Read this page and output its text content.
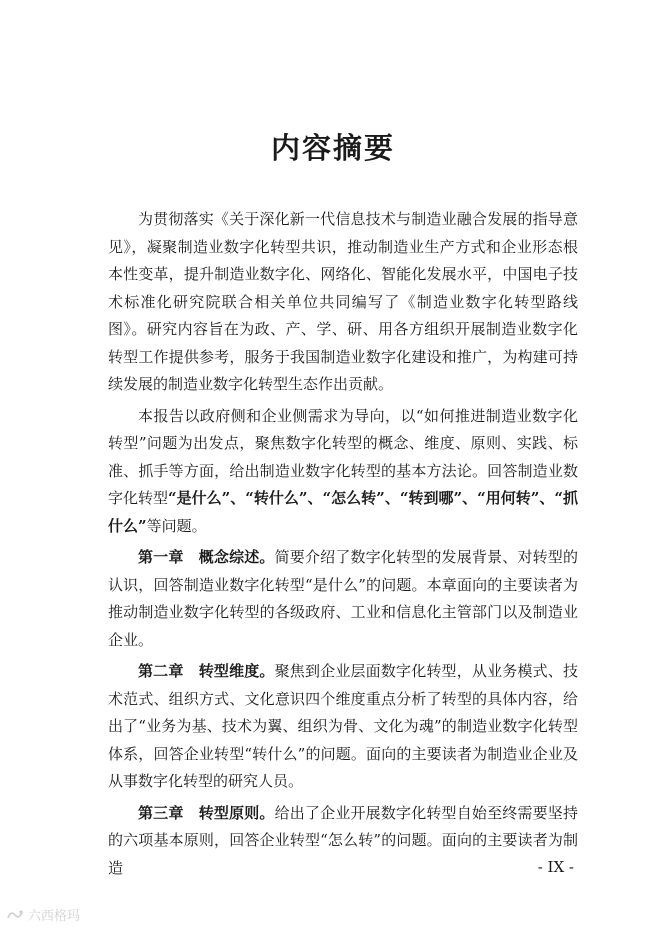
内容摘要

为贯彻落实《关于深化新一代信息技术与制造业融合发展的指导意见》，凝聚制造业数字化转型共识，推动制造业生产方式和企业形态根本性变革，提升制造业数字化、网络化、智能化发展水平，中国电子技术标准化研究院联合相关单位共同编写了《制造业数字化转型路线图》。研究内容旨在为政、产、学、研、用各方组织开展制造业数字化转型工作提供参考，服务于我国制造业数字化建设和推广，为构建可持续发展的制造业数字化转型生态作出贡献。

本报告以政府侧和企业侧需求为导向，以“如何推进制造业数字化转型”问题为出发点，聚焦数字化转型的概念、维度、原则、实践、标准、抓手等方面，给出制造业数字化转型的基本方法论。回答制造业数字化转型“是什么”、“转什么”、“怎么转”、“转到哪”、“用何转”、“抓什么”等问题。

第一章　概念综述。简要介绍了数字化转型的发展背景、对转型的认识，回答制造业数字化转型“是什么”的问题。本章面向的主要读者为推动制造业数字化转型的各级政府、工业和信息化主管部门以及制造业企业。

第二章　转型维度。聚焦到企业层面数字化转型，从业务模式、技术范式、组织方式、文化意识四个维度重点分析了转型的具体内容，给出了“业务为基、技术为翼、组织为骨、文化为魂”的制造业数字化转型体系，回答企业转型“转什么”的问题。面向的主要读者为制造业企业及从事数字化转型的研究人员。

第三章　转型原则。给出了企业开展数字化转型自始至终需要坚持的六项基本原则，回答企业转型“怎么转”的问题。面向的主要读者为制造	- IX -
六西格玛
